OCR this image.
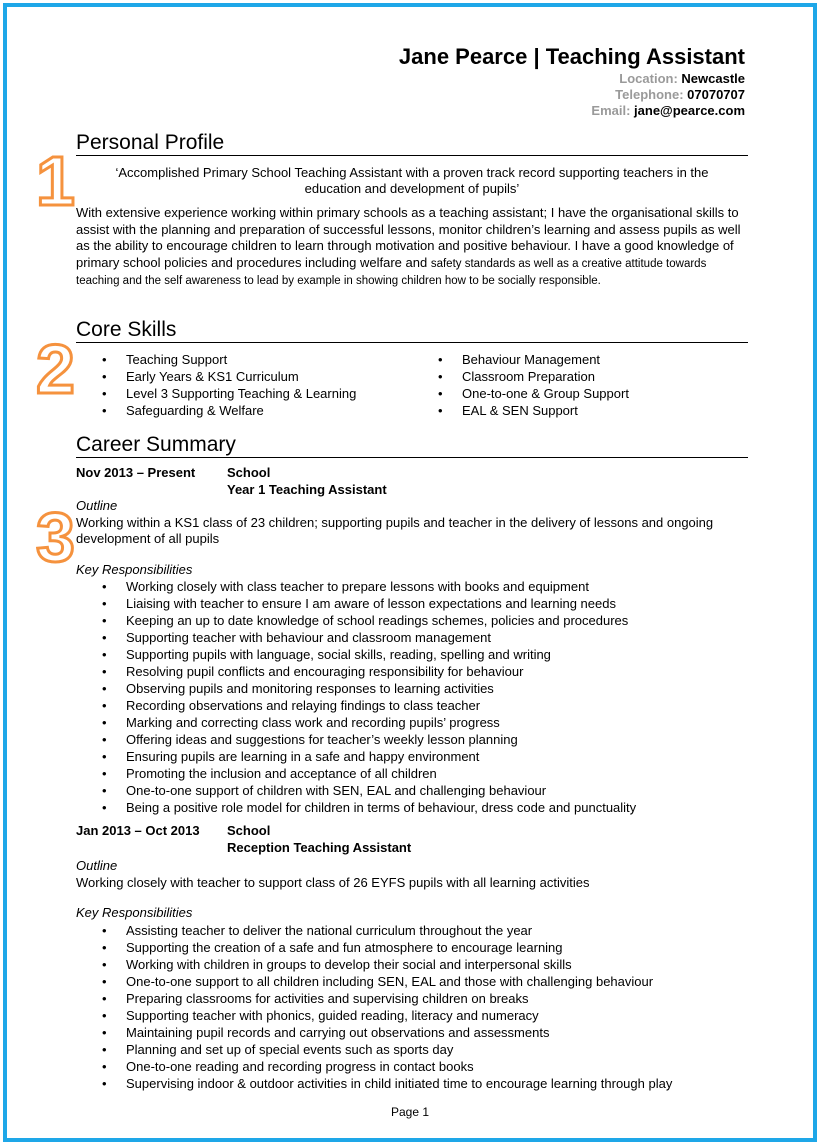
Jane Pearce | Teaching Assistant
Location: Newcastle
Telephone: 07070707
Email: jane@pearce.com
1
2
3
Personal Profile
‘Accomplished Primary School Teaching Assistant with a proven track record supporting teachers in the education and development of pupils’

With extensive experience working within primary schools as a teaching assistant; I have the organisational skills to assist with the planning and preparation of successful lessons, monitor children’s learning and assess pupils as well as the ability to encourage children to learn through motivation and positive behaviour. I have a good knowledge of primary school policies and procedures including welfare and safety standards as well as a creative attitude towards teaching and the self awareness to lead by example in showing children how to be socially responsible.

Core Skills
• Teaching Support
• Early Years & KS1 Curriculum
• Level 3 Supporting Teaching & Learning
• Safeguarding & Welfare
• Behaviour Management
• Classroom Preparation
• One-to-one & Group Support
• EAL & SEN Support
Career Summary
Nov 2013 – Present	School
Year 1 Teaching Assistant
Outline
Working within a KS1 class of 23 children; supporting pupils and teacher in the delivery of lessons and ongoing development of all pupils
Key Responsibilities
• Working closely with class teacher to prepare lessons with books and equipment
• Liaising with teacher to ensure I am aware of lesson expectations and learning needs
• Keeping an up to date knowledge of school readings schemes, policies and procedures
• Supporting teacher with behaviour and classroom management
• Supporting pupils with language, social skills, reading, spelling and writing
• Resolving pupil conflicts and encouraging responsibility for behaviour
• Observing pupils and monitoring responses to learning activities
• Recording observations and relaying findings to class teacher
• Marking and correcting class work and recording pupils’ progress
• Offering ideas and suggestions for teacher’s weekly lesson planning
• Ensuring pupils are learning in a safe and happy environment
• Promoting the inclusion and acceptance of all children
• One-to-one support of children with SEN, EAL and challenging behaviour
• Being a positive role model for children in terms of behaviour, dress code and punctuality
Jan 2013 – Oct 2013	School
Reception Teaching Assistant
Outline
Working closely with teacher to support class of 26 EYFS pupils with all learning activities
Key Responsibilities
• Assisting teacher to deliver the national curriculum throughout the year
• Supporting the creation of a safe and fun atmosphere to encourage learning
• Working with children in groups to develop their social and interpersonal skills
• One-to-one support to all children including SEN, EAL and those with challenging behaviour
• Preparing classrooms for activities and supervising children on breaks
• Supporting teacher with phonics, guided reading, literacy and numeracy
• Maintaining pupil records and carrying out observations and assessments
• Planning and set up of special events such as sports day
• One-to-one reading and recording progress in contact books
• Supervising indoor & outdoor activities in child initiated time to encourage learning through play
Page 1
